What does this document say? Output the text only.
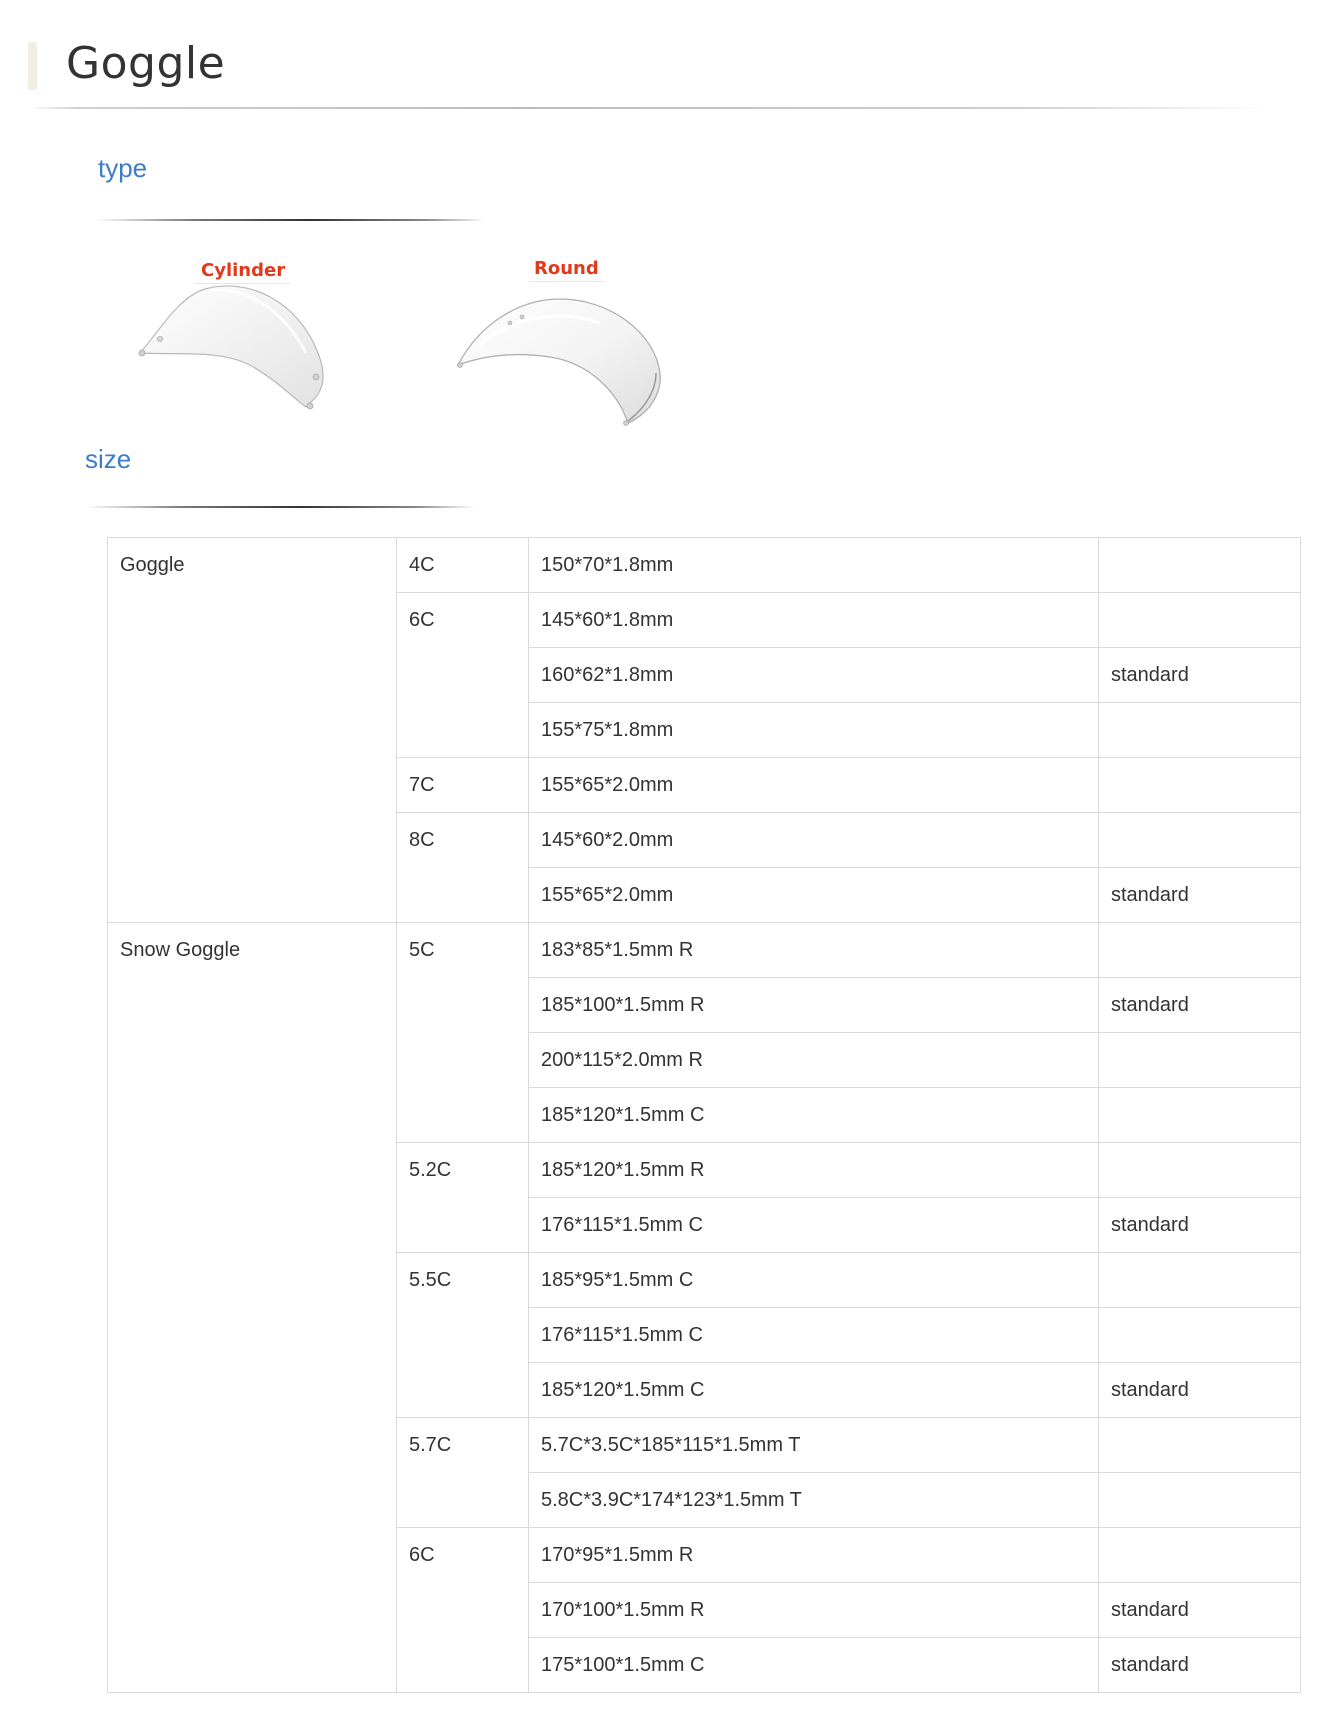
Goggle
type
Cylinder	Round
size
Goggle	4C	150*70*1.8mm	
	6C	145*60*1.8mm	
		160*62*1.8mm	standard
		155*75*1.8mm	
	7C	155*65*2.0mm	
	8C	145*60*2.0mm	
		155*65*2.0mm	standard
Snow Goggle	5C	183*85*1.5mm R	
		185*100*1.5mm R	standard
		200*115*2.0mm R	
		185*120*1.5mm C	
	5.2C	185*120*1.5mm R	
		176*115*1.5mm C	standard
	5.5C	185*95*1.5mm C	
		176*115*1.5mm C	
		185*120*1.5mm C	standard
	5.7C	5.7C*3.5C*185*115*1.5mm T	
		5.8C*3.9C*174*123*1.5mm T	
	6C	170*95*1.5mm R	
		170*100*1.5mm R	standard
		175*100*1.5mm C	standard
